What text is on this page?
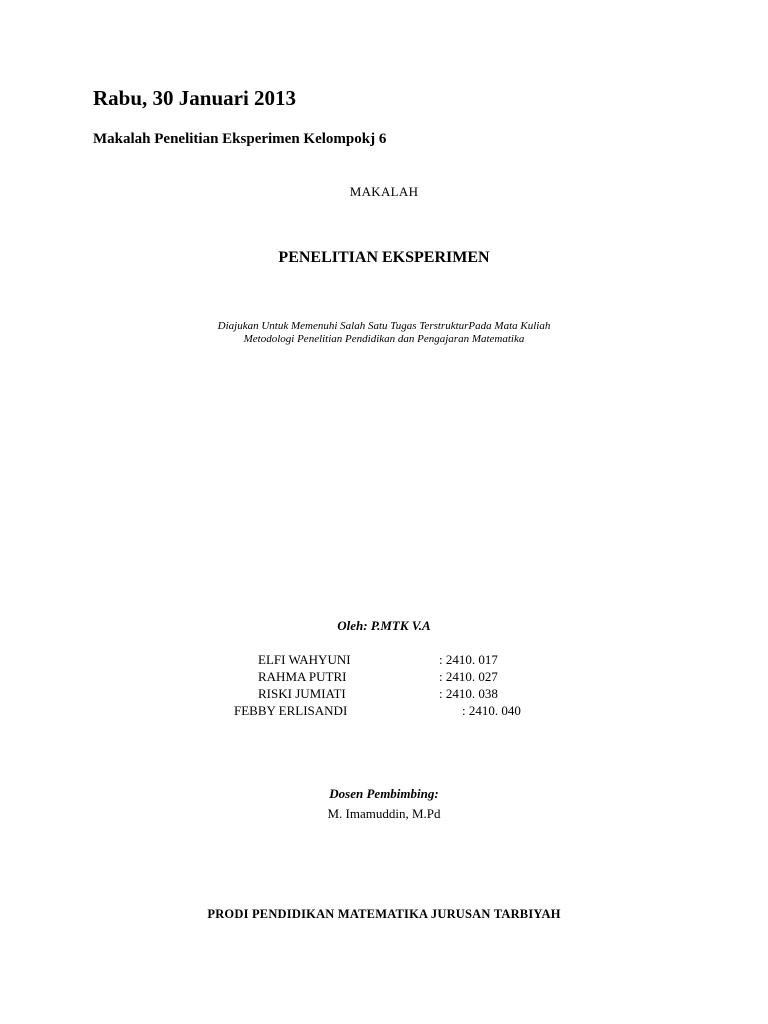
Rabu, 30 Januari 2013
Makalah Penelitian Eksperimen Kelompokj 6
MAKALAH
PENELITIAN EKSPERIMEN
Diajukan Untuk Memenuhi Salah Satu Tugas TerstrukturPada Mata Kuliah
Metodologi Penelitian Pendidikan dan Pengajaran Matematika
Oleh: P.MTK V.A
ELFI WAHYUNI	: 2410. 017
RAHMA PUTRI	: 2410. 027
RISKI JUMIATI	: 2410. 038
FEBBY ERLISANDI	: 2410. 040
Dosen Pembimbing:
M. Imamuddin, M.Pd
PRODI PENDIDIKAN MATEMATIKA JURUSAN TARBIYAH
